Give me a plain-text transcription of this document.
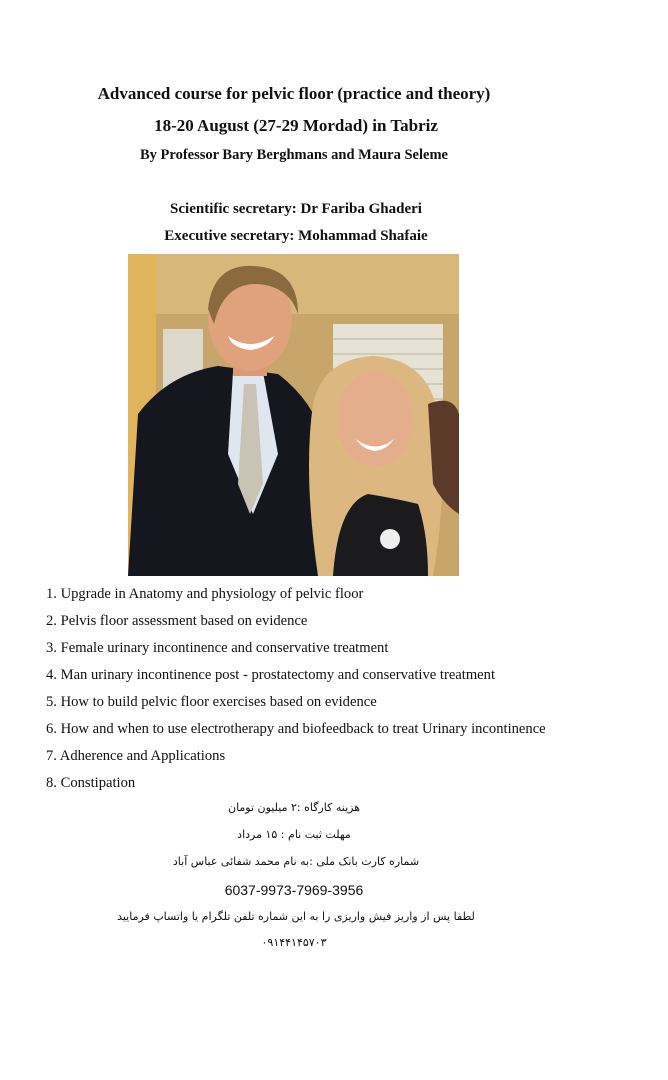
Advanced course for pelvic floor (practice and theory)
18-20 August (27-29 Mordad) in Tabriz
By Professor Bary Berghmans and Maura Seleme
Scientific secretary: Dr Fariba Ghaderi
Executive secretary: Mohammad Shafaie
1. Upgrade in Anatomy and physiology of pelvic floor
2. Pelvis floor assessment based on evidence
3. Female urinary incontinence and conservative treatment
4. Man urinary incontinence post - prostatectomy and conservative treatment
5. How to build pelvic floor exercises based on evidence
6. How and when to use electrotherapy and biofeedback to treat Urinary incontinence
7. Adherence and Applications
8. Constipation
هزینه کارگاه :۲ میلیون تومان
مهلت ثبت نام : ۱۵ مرداد
شماره کارت بانک ملی :به نام محمد شفائی عباس آباد
6037-9973-7969-3956
لطفا پس از واریز فیش واریزی را به این شماره تلفن تلگرام یا واتساپ فرمایید
۰۹۱۴۴۱۴۵۷۰۳
